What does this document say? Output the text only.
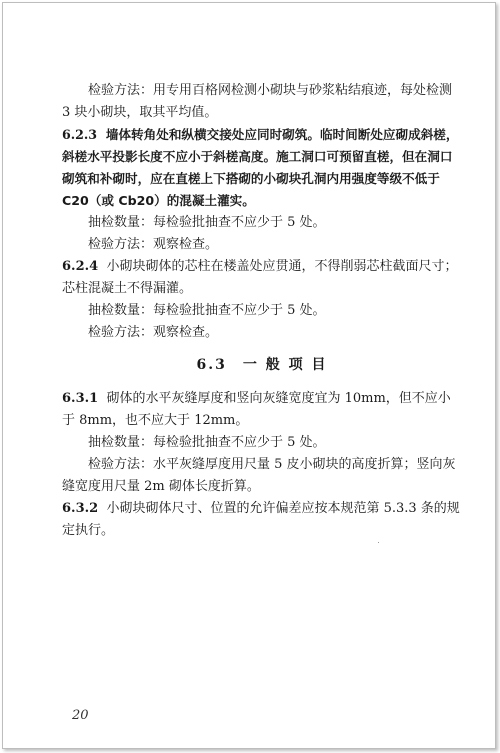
检验方法：用专用百格网检测小砌块与砂浆粘结痕迹，每处检测 3 块小砌块，取其平均值。

6.2.3 墙体转角处和纵横交接处应同时砌筑。临时间断处应砌成斜槎，斜槎水平投影长度不应小于斜槎高度。施工洞口可预留直槎，但在洞口砌筑和补砌时，应在直槎上下搭砌的小砌块孔洞内用强度等级不低于 C20（或 Cb20）的混凝土灌实。

抽检数量：每检验批抽查不应少于 5 处。

检验方法：观察检查。

6.2.4 小砌块砌体的芯柱在楼盖处应贯通，不得削弱芯柱截面尺寸；芯柱混凝土不得漏灌。

抽检数量：每检验批抽查不应少于 5 处。

检验方法：观察检查。

6.3　一 般 项 目

6.3.1 砌体的水平灰缝厚度和竖向灰缝宽度宜为 10mm，但不应小于 8mm，也不应大于 12mm。

抽检数量：每检验批抽查不应少于 5 处。

检验方法：水平灰缝厚度用尺量 5 皮小砌块的高度折算；竖向灰缝宽度用尺量 2m 砌体长度折算。

6.3.2 小砌块砌体尺寸、位置的允许偏差应按本规范第 5.3.3 条的规定执行。

20
